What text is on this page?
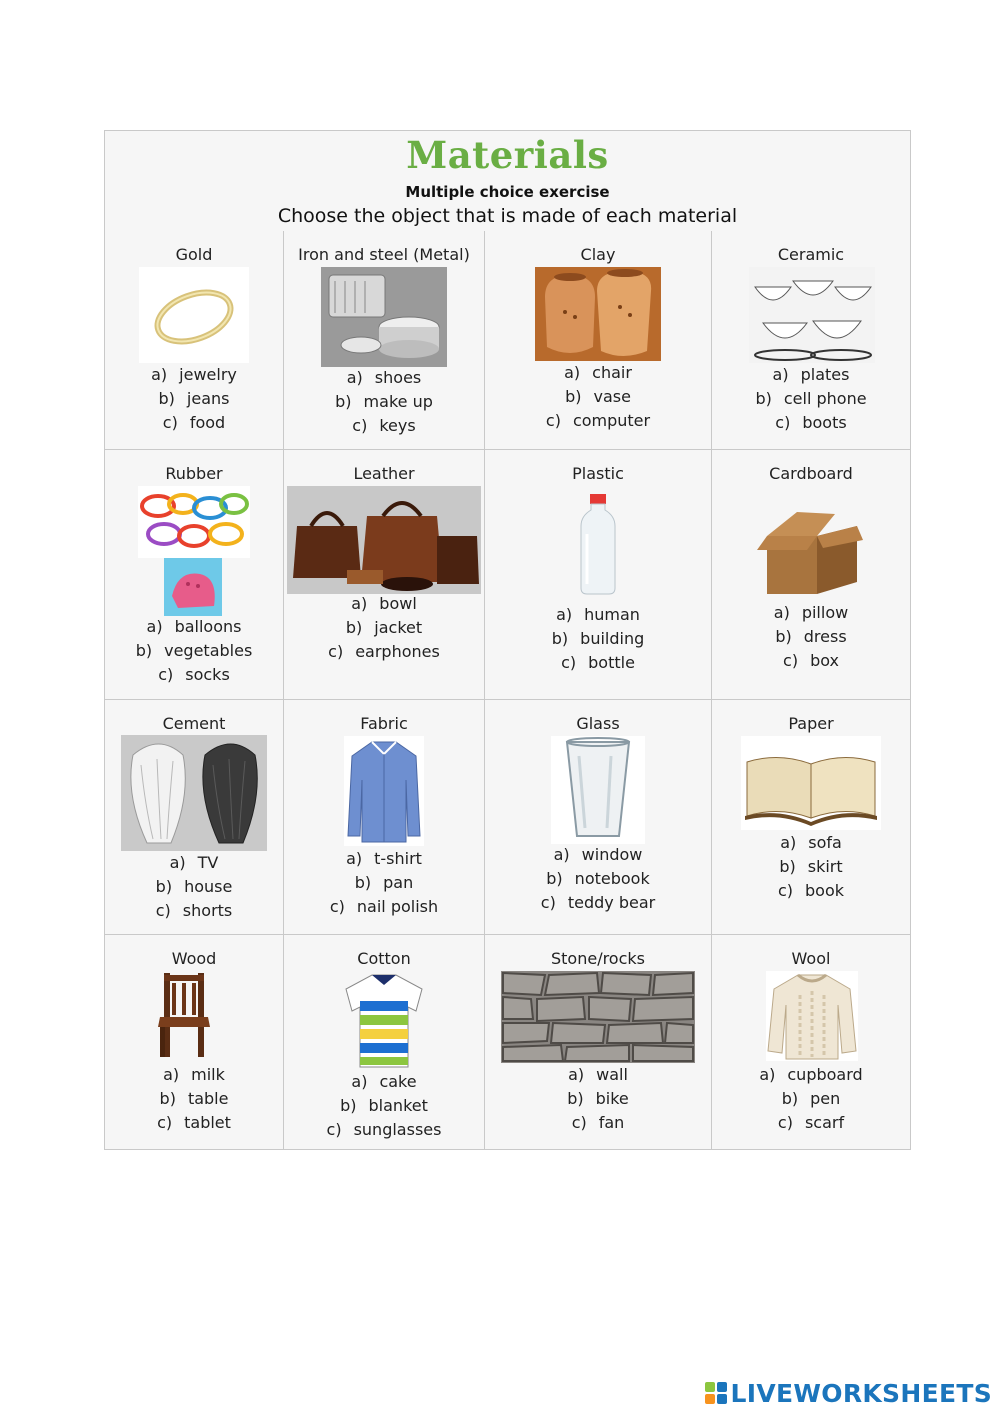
Materials
Multiple choice exercise
Choose the object that is made of each material
Gold
a) jewelry
b) jeans
c) food
Iron and steel (Metal)
a) shoes
b) make up
c) keys
Clay
a) chair
b) vase
c) computer
Ceramic
a) plates
b) cell phone
c) boots
Rubber
a) balloons
b) vegetables
c) socks
Leather
a) bowl
b) jacket
c) earphones
Plastic
a) human
b) building
c) bottle
Cardboard
a) pillow
b) dress
c) box
Cement
a) TV
b) house
c) shorts
Fabric
a) t-shirt
b) pan
c) nail polish
Glass
a) window
b) notebook
c) teddy bear
Paper
a) sofa
b) skirt
c) book
Wood
a) milk
b) table
c) tablet
Cotton
a) cake
b) blanket
c) sunglasses
Stone/rocks
a) wall
b) bike
c) fan
Wool
a) cupboard
b) pen
c) scarf
LIVEWORKSHEETS
